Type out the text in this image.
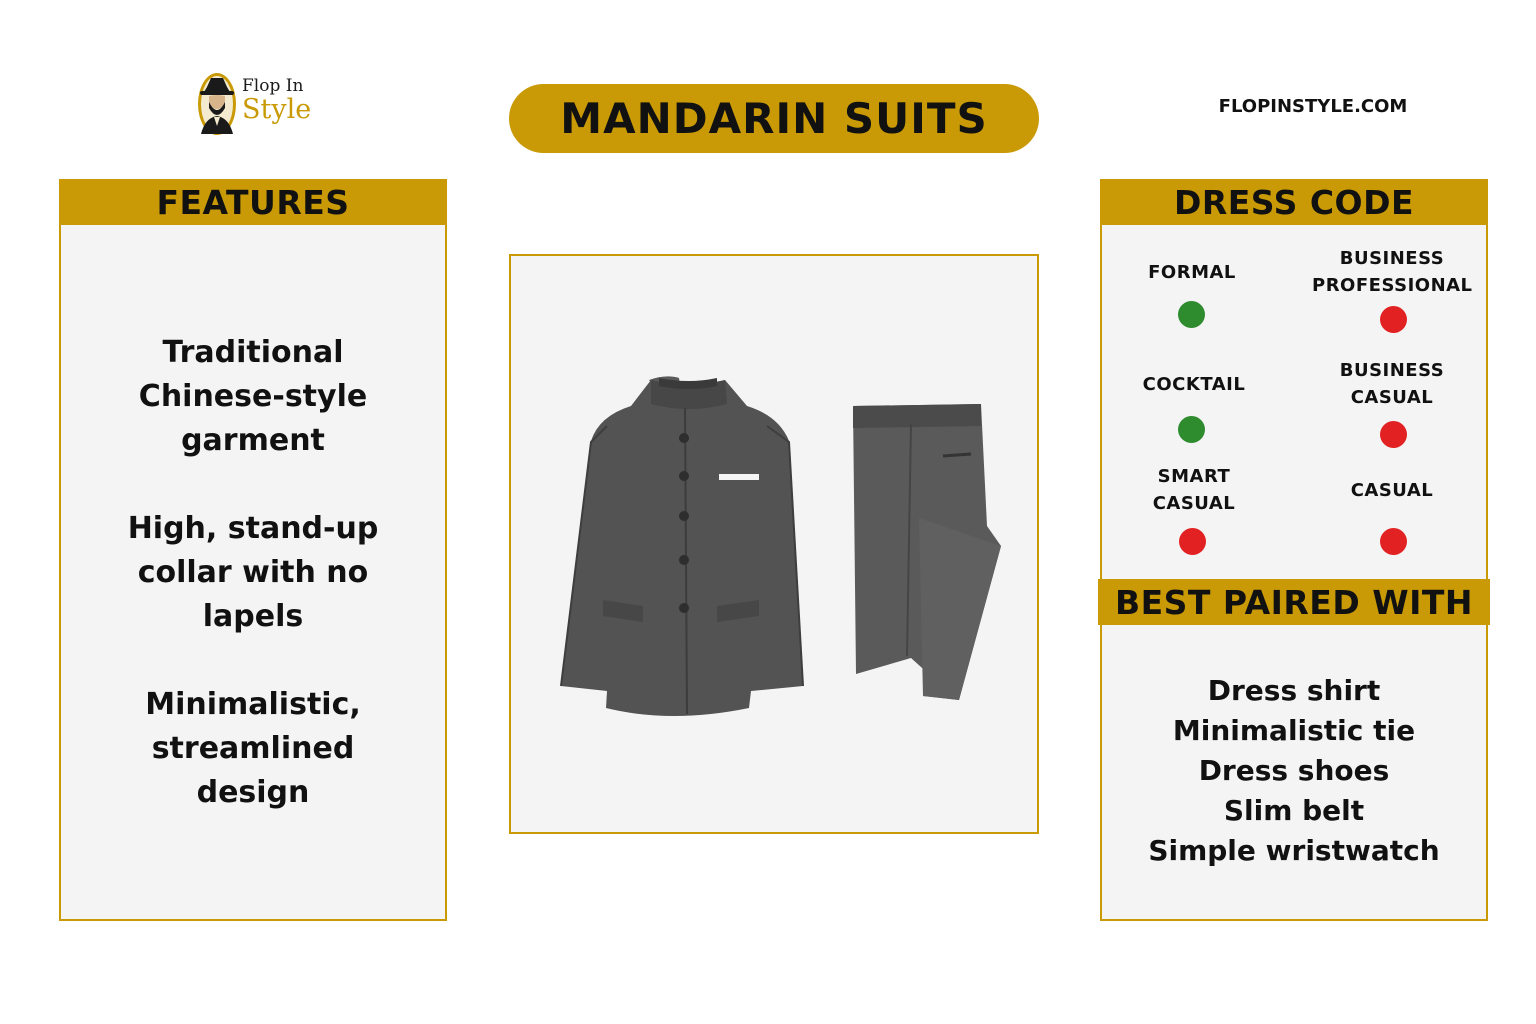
Flop In
Style	MANDARIN SUITS	FLOPINSTYLE.COM
FEATURES
Traditional Chinese-style garment
High, stand-up collar with no lapels
Minimalistic, streamlined design
DRESS CODE
FORMAL
BUSINESS PROFESSIONAL
COCKTAIL
BUSINESS CASUAL
SMART CASUAL
CASUAL
BEST PAIRED WITH
Dress shirt
Minimalistic tie
Dress shoes
Slim belt
Simple wristwatch
